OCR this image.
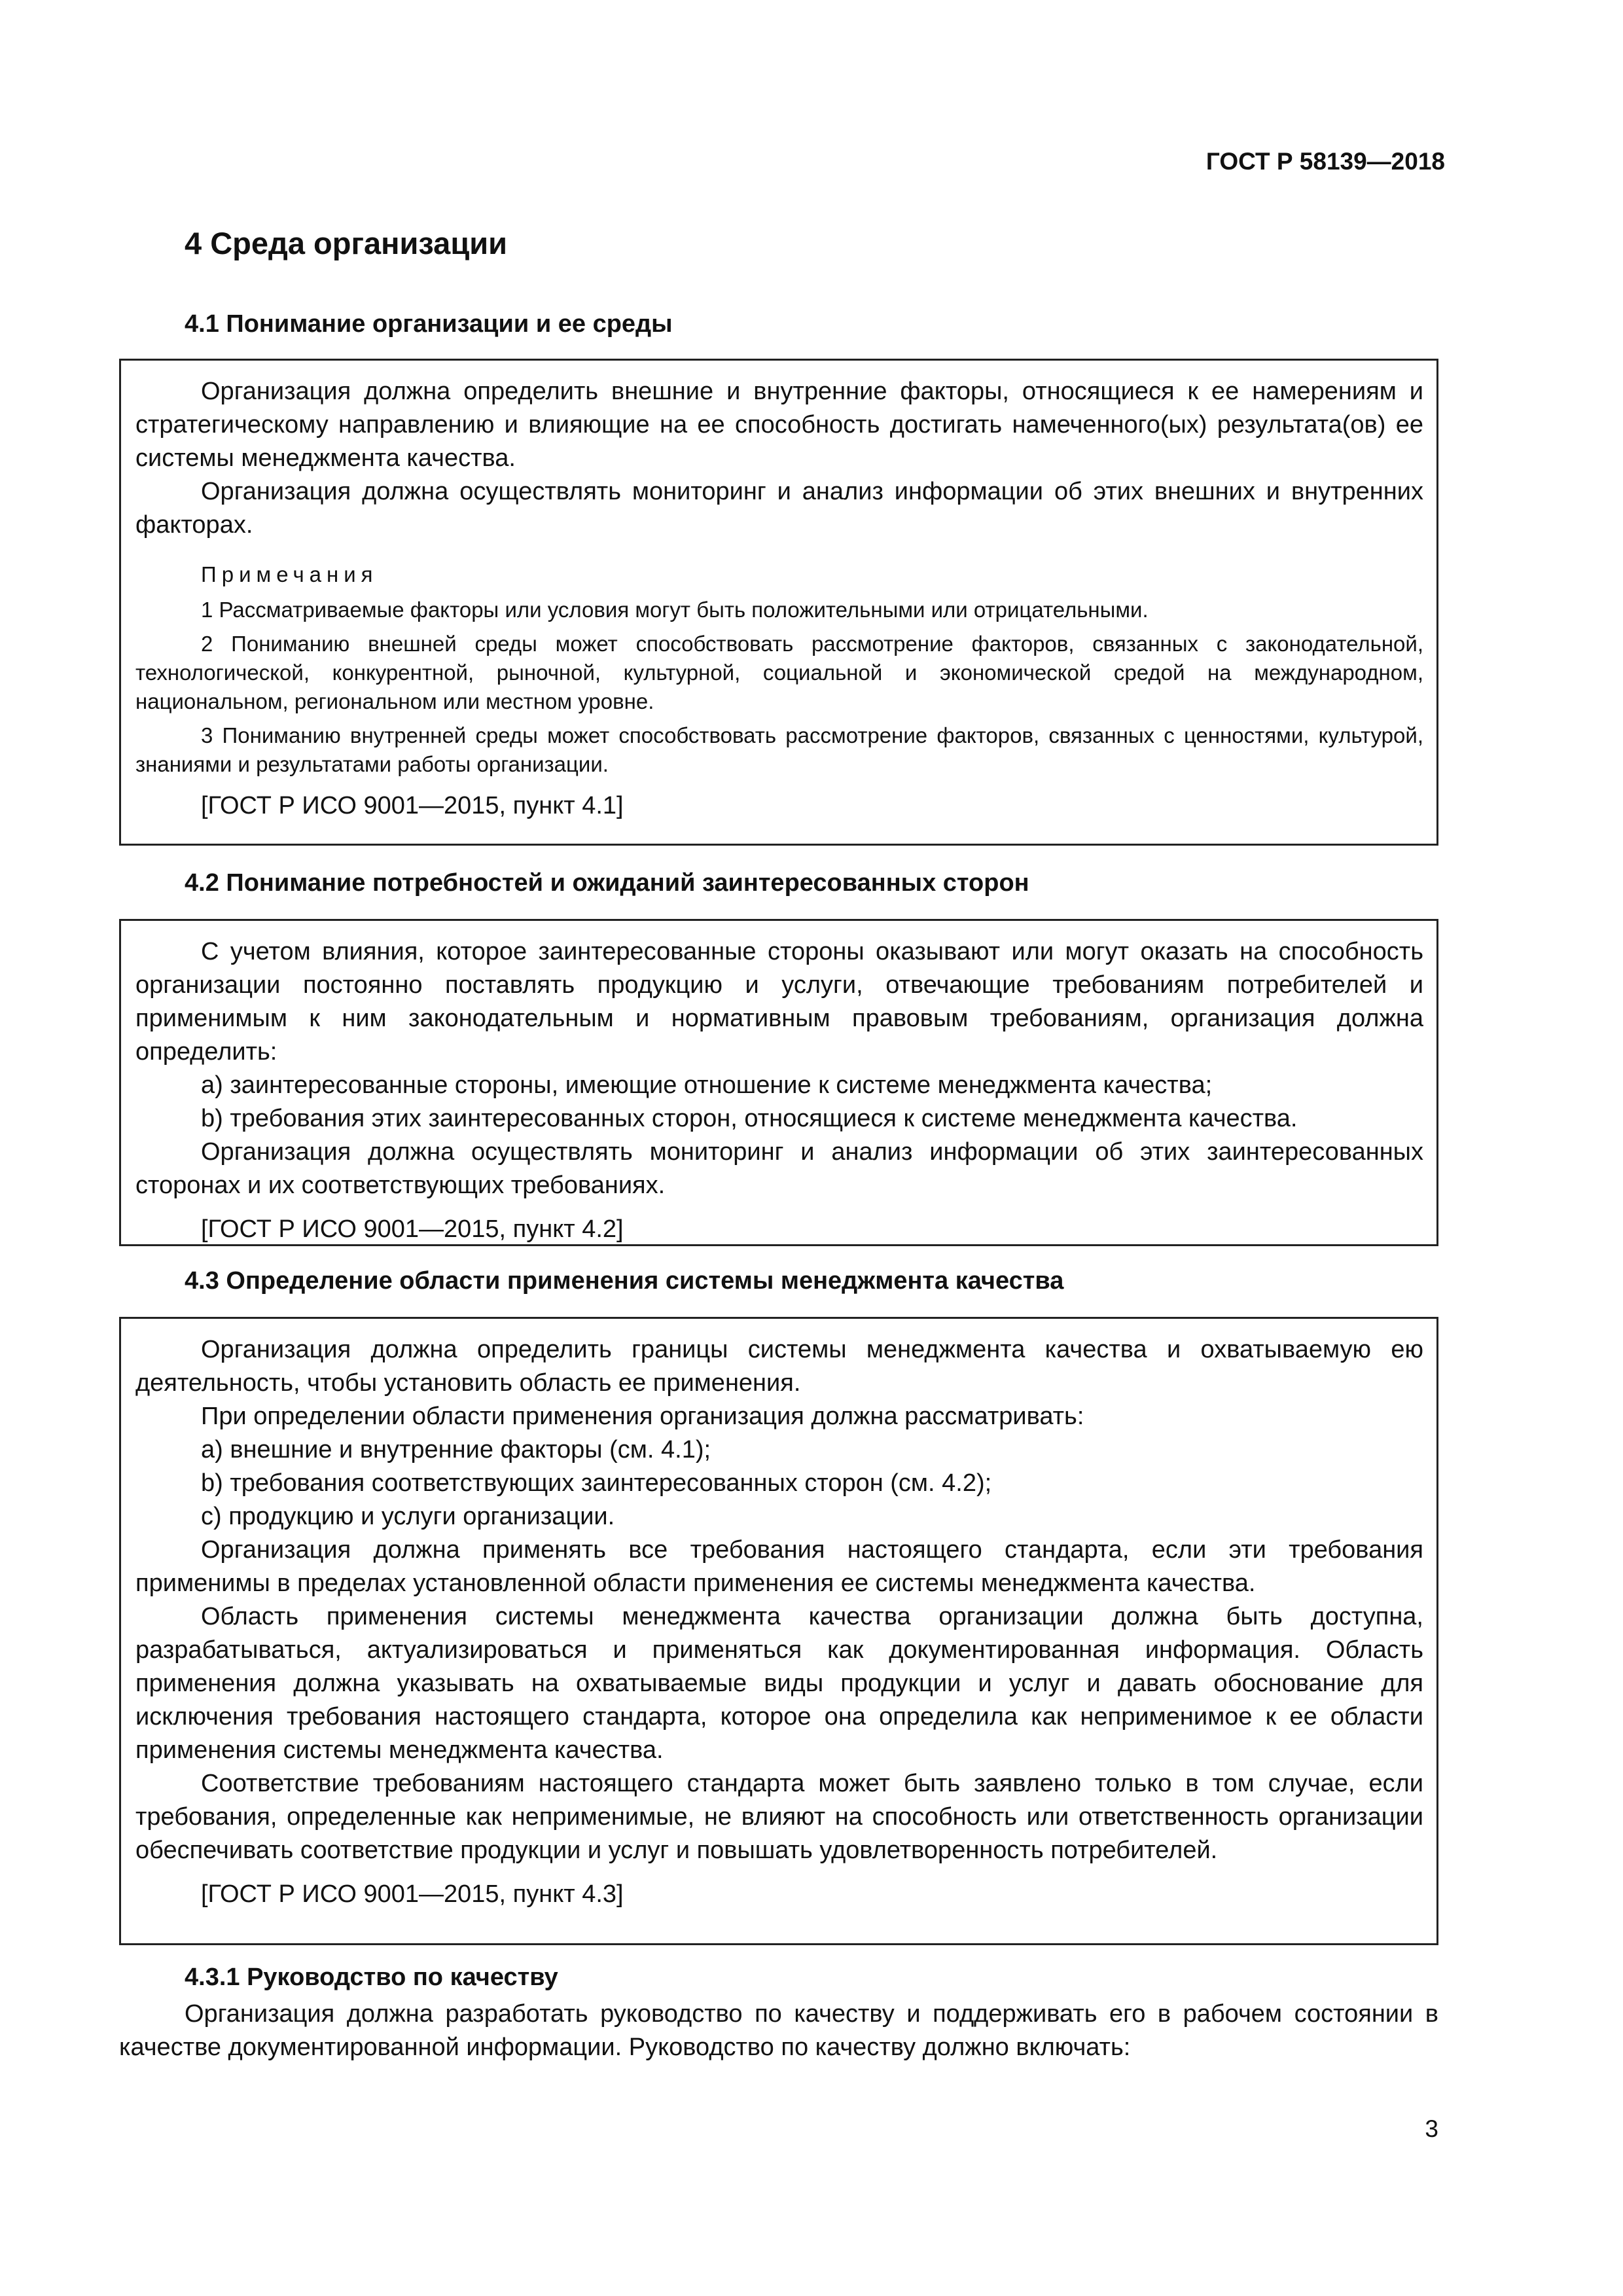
ГОСТ Р 58139—2018
4 Среда организации
4.1 Понимание организации и ее среды

Организация должна определить внешние и внутренние факторы, относящиеся к ее намерениям и стратегическому направлению и влияющие на ее способность достигать намеченного(ых) результата(ов) ее системы менеджмента качества.

Организация должна осуществлять мониторинг и анализ информации об этих внешних и внутренних факторах.

Примечания

1 Рассматриваемые факторы или условия могут быть положительными или отрицательными.

2 Пониманию внешней среды может способствовать рассмотрение факторов, связанных с законодательной, технологической, конкурентной, рыночной, культурной, социальной и экономической средой на международном, национальном, региональном или местном уровне.

3 Пониманию внутренней среды может способствовать рассмотрение факторов, связанных с ценностями, культурой, знаниями и результатами работы организации.

[ГОСТ Р ИСО 9001—2015, пункт 4.1]
4.2 Понимание потребностей и ожиданий заинтересованных сторон

С учетом влияния, которое заинтересованные стороны оказывают или могут оказать на способность организации постоянно поставлять продукцию и услуги, отвечающие требованиям потребителей и применимым к ним законодательным и нормативным правовым требованиям, организация должна определить:

a) заинтересованные стороны, имеющие отношение к системе менеджмента качества;

b) требования этих заинтересованных сторон, относящиеся к системе менеджмента качества.

Организация должна осуществлять мониторинг и анализ информации об этих заинтересованных сторонах и их соответствующих требованиях.

[ГОСТ Р ИСО 9001—2015, пункт 4.2]
4.3 Определение области применения системы менеджмента качества

Организация должна определить границы системы менеджмента качества и охватываемую ею деятельность, чтобы установить область ее применения.

При определении области применения организация должна рассматривать:

a) внешние и внутренние факторы (см. 4.1);

b) требования соответствующих заинтересованных сторон (см. 4.2);

c) продукцию и услуги организации.

Организация должна применять все требования настоящего стандарта, если эти требования применимы в пределах установленной области применения ее системы менеджмента качества.

Область применения системы менеджмента качества организации должна быть доступна, разрабатываться, актуализироваться и применяться как документированная информация. Область применения должна указывать на охватываемые виды продукции и услуг и давать обоснование для исключения требования настоящего стандарта, которое она определила как неприменимое к ее области применения системы менеджмента качества.

Соответствие требованиям настоящего стандарта может быть заявлено только в том случае, если требования, определенные как неприменимые, не влияют на способность или ответственность организации обеспечивать соответствие продукции и услуг и повышать удовлетворенность потребителей.

[ГОСТ Р ИСО 9001—2015, пункт 4.3]
4.3.1 Руководство по качеству

Организация должна разработать руководство по качеству и поддерживать его в рабочем состоянии в качестве документированной информации. Руководство по качеству должно включать:

3
